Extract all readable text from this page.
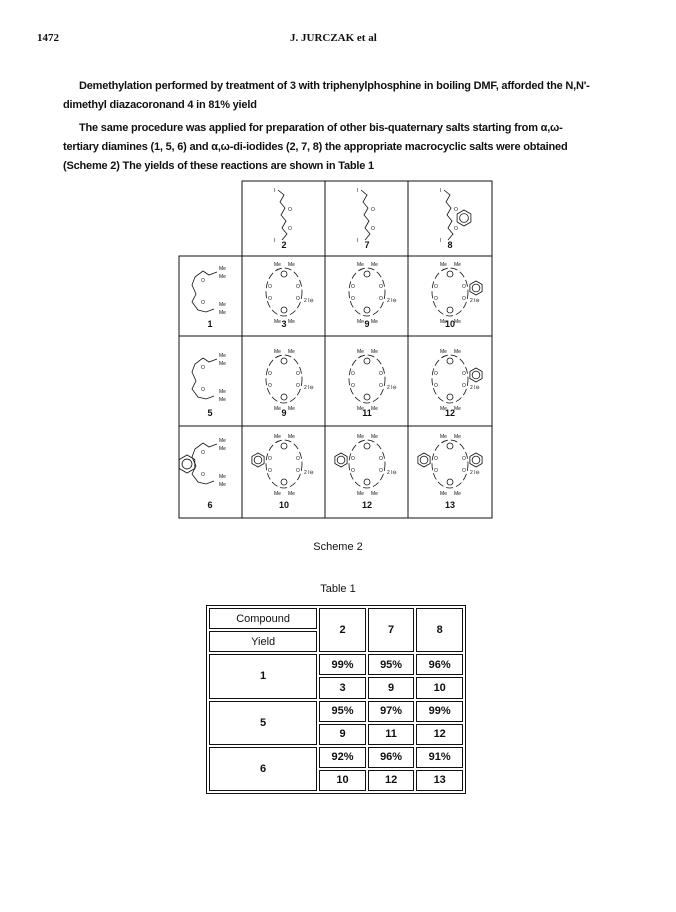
1472	J. JURCZAK et al
Demethylation performed by treatment of 3 with triphenylphosphine in boiling DMF, afforded the N,N'-
dimethyl diazacoronand 4 in 81% yield
The same procedure was applied for preparation of other bis-quaternary salts starting from α,ω-
tertiary diamines (1, 5, 6) and α,ω-di-iodides (2, 7, 8) the appropriate macrocyclic salts were obtained
(Scheme 2) The yields of these reactions are shown in Table 1
I
O
O
I
I
O
O
I
I
O
O
I
Me
Me
Me
Me
O
O
Me
Me
Me
Me
O
O
Me
Me
Me
Me
O
O
Me Me
Me Me
O	O
O	O 2 I⊖
Me Me
Me Me
O	O
O	O 2 I⊖
Me Me
Me Me
O	O
O	O 2 I⊖
Me Me
Me Me
O	O
O	O 2 I⊖
Me Me
Me Me
O	O
O	O 2 I⊖
Me Me
Me Me
O	O
O	O 2 I⊖
Me Me
Me Me
O	O
O	O 2 I⊖
Me Me
Me Me
O	O
O	O 2 I⊖
Me Me
Me Me
O	O
O	O 2 I⊖
2	7	8
1
5
6
3	9	10
9	11	12
10	12	13
Scheme 2
Table 1
Compound	2	7	8
Yield			
1	99%	95%	96%
	3	9	10
5	95%	97%	99%
	9	11	12
6	92%	96%	91%
	10	12	13
